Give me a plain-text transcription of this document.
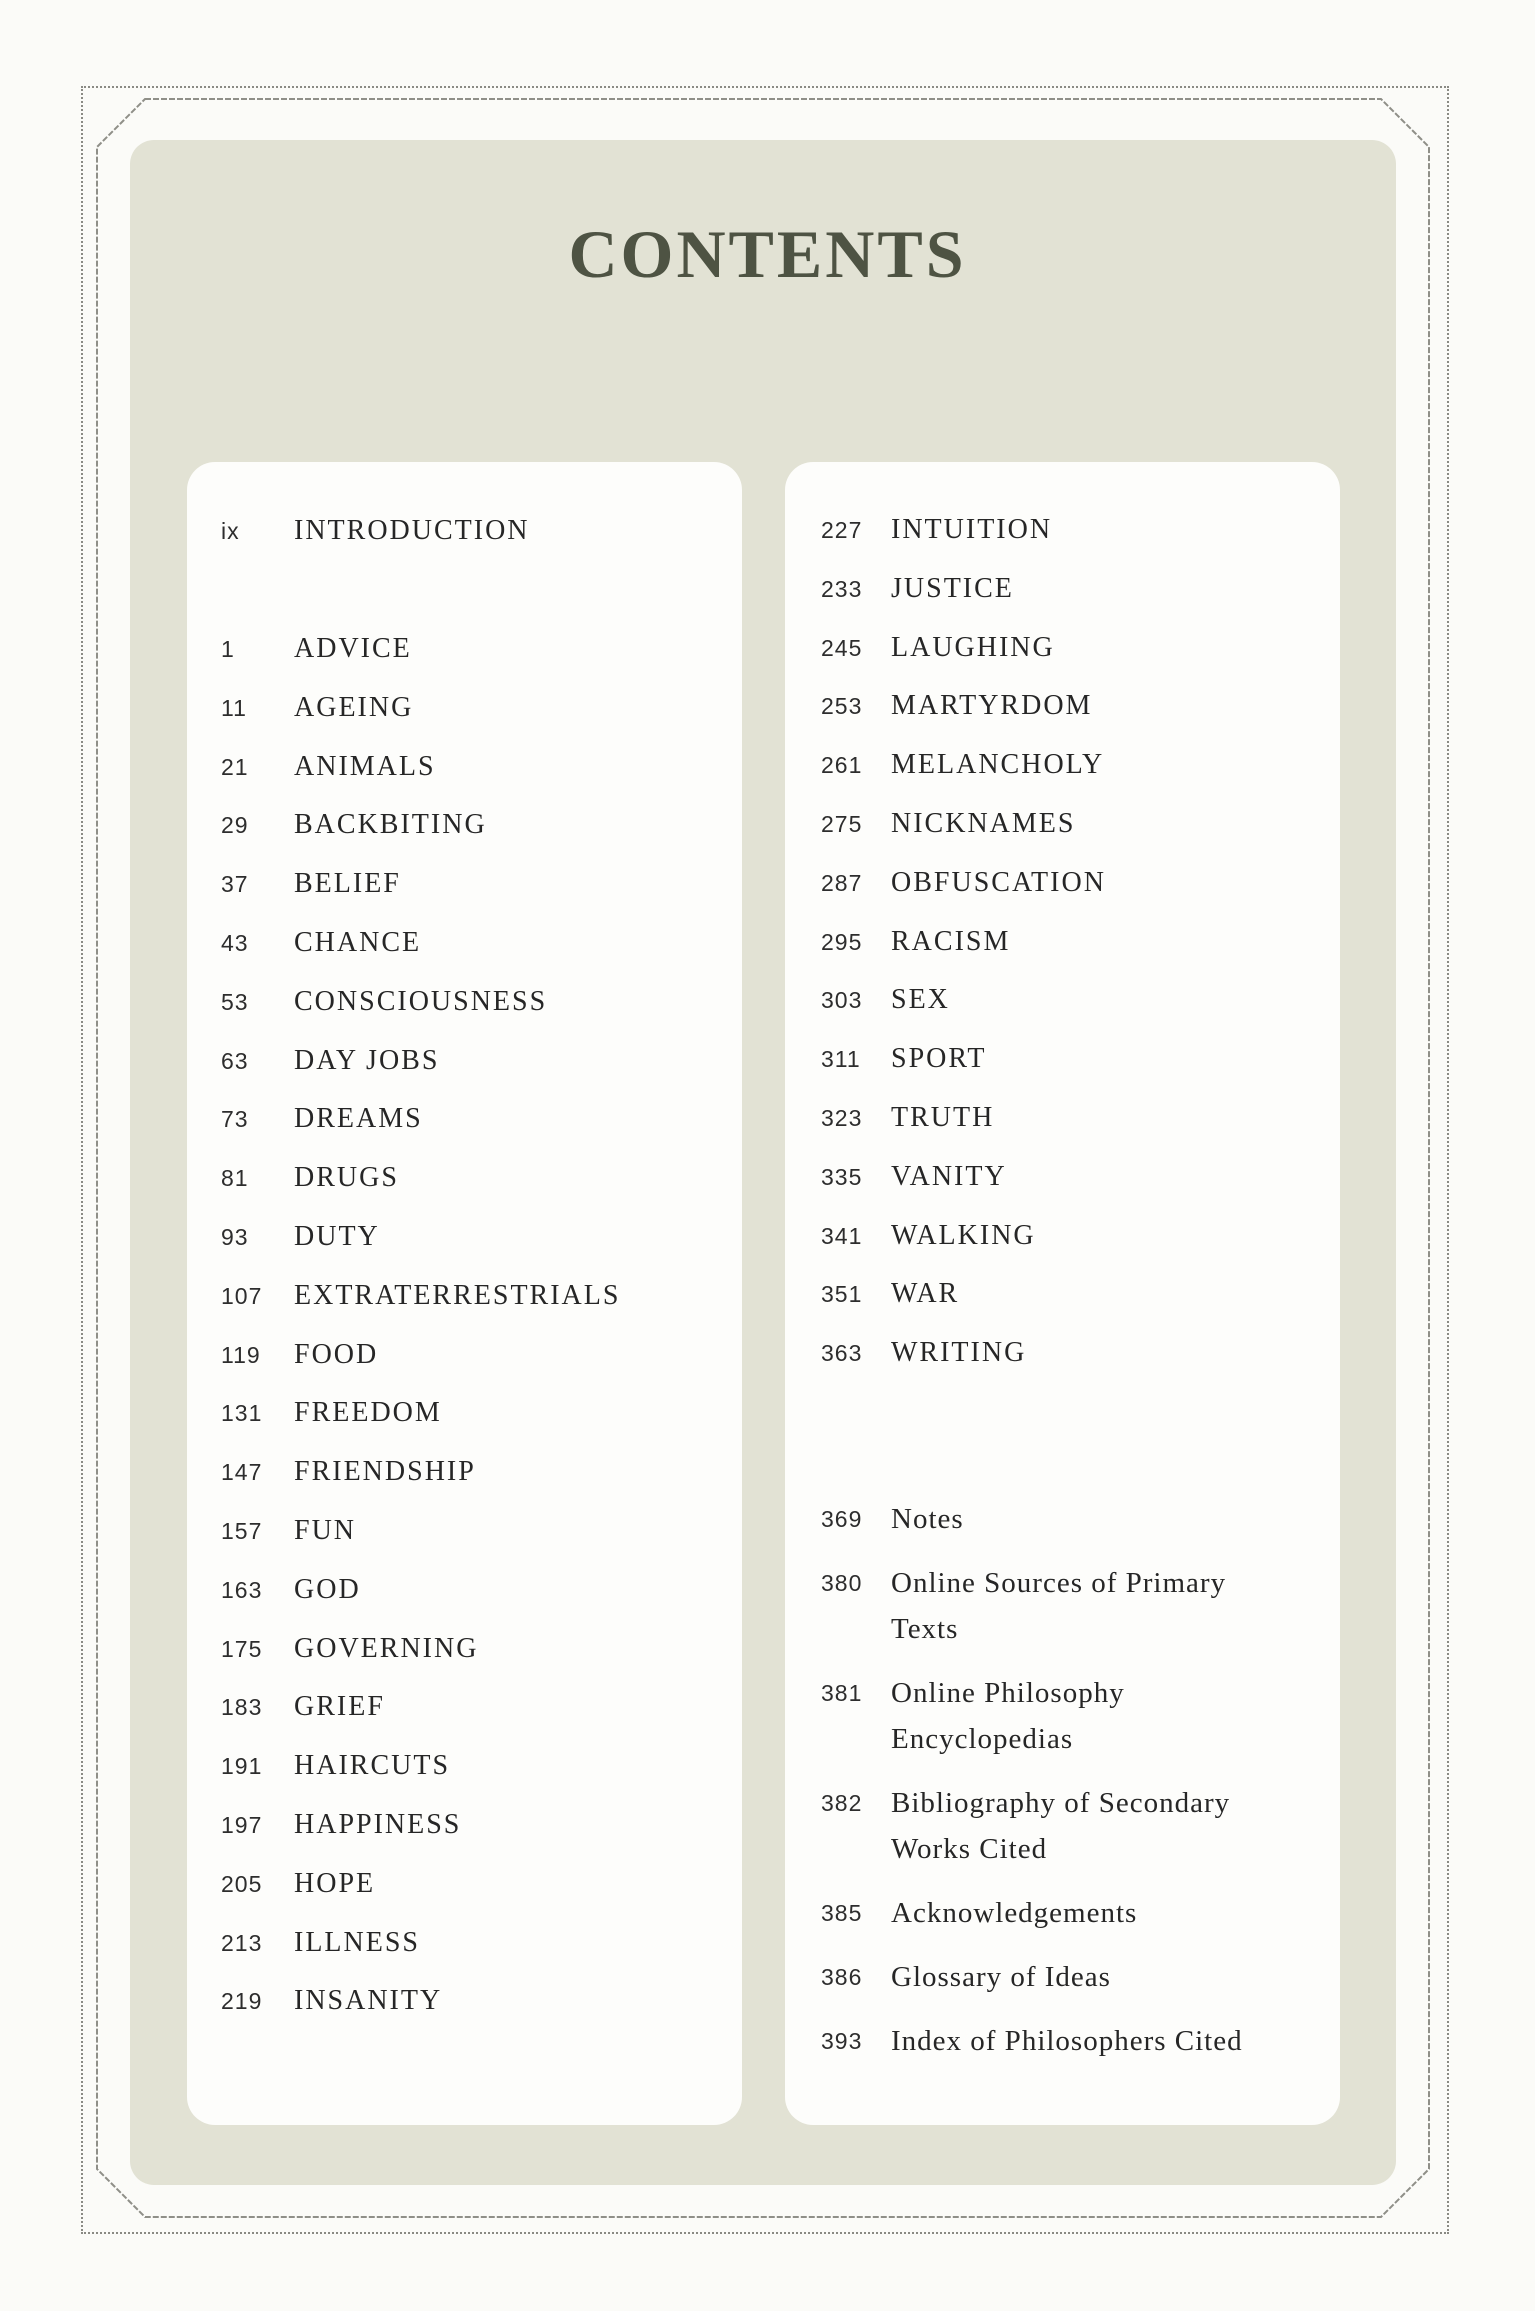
CONTENTS
ix INTRODUCTION
1 ADVICE
11 AGEING
21 ANIMALS
29 BACKBITING
37 BELIEF
43 CHANCE
53 CONSCIOUSNESS
63 DAY JOBS
73 DREAMS
81 DRUGS
93 DUTY
107 EXTRATERRESTRIALS
119 FOOD
131 FREEDOM
147 FRIENDSHIP
157 FUN
163 GOD
175 GOVERNING
183 GRIEF
191 HAIRCUTS
197 HAPPINESS
205 HOPE
213 ILLNESS
219 INSANITY
227 INTUITION
233 JUSTICE
245 LAUGHING
253 MARTYRDOM
261 MELANCHOLY
275 NICKNAMES
287 OBFUSCATION
295 RACISM
303 SEX
311 SPORT
323 TRUTH
335 VANITY
341 WALKING
351 WAR
363 WRITING
369 Notes
380 Online Sources of Primary Texts
381 Online Philosophy Encyclopedias
382 Bibliography of Secondary Works Cited
385 Acknowledgements
386 Glossary of Ideas
393 Index of Philosophers Cited
